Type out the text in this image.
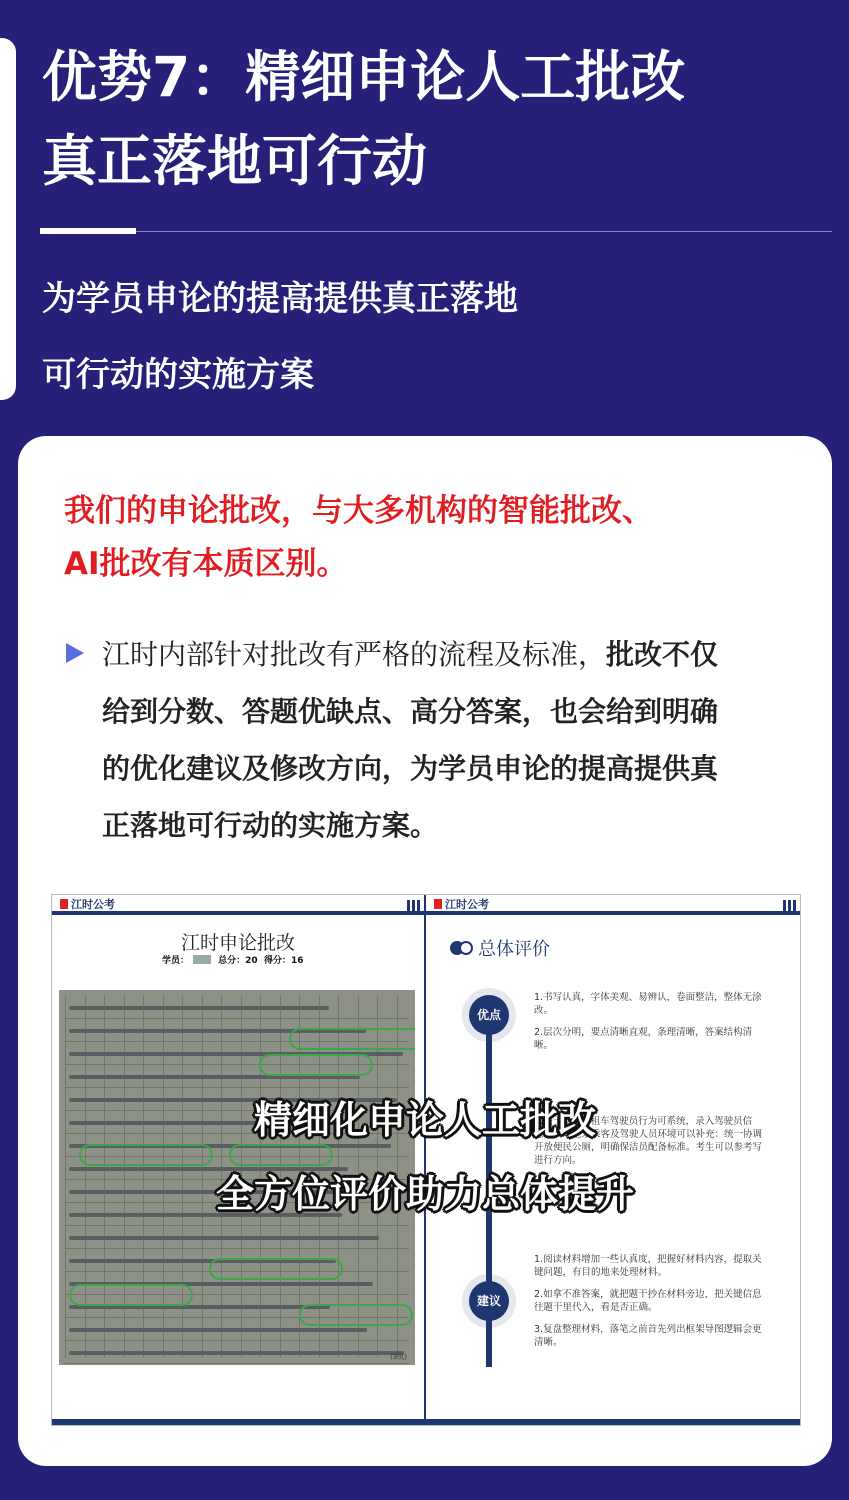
优势7：精细申论人工批改
真正落地可行动
为学员申论的提高提供真正落地
可行动的实施方案
我们的申论批改，与大多机构的智能批改、
AI批改有本质区别。

江时内部针对批改有严格的流程及标准，批改不仅

给到分数、答题优缺点、高分答案，也会给到明确

的优化建议及修改方向，为学员申论的提高提供真

正落地可行动的实施方案。

江时公考
江时申论批改
学员：	总分：20 得分：16
(3页)
江时公考
总体评价
优点

1.书写认真，字体美观、易辨认，卷面整洁，整体无涂改。

2.层次分明，要点清晰直观，条理清晰，答案结构清晰。

4.关于规范出租车驾驶员行为可系统，录入驾驶员信息，实时记录乘客及驾驶人员环境可以补充：统一协调开放便民公厕，明确保洁员配备标准。考生可以参考写进行方向。
建议

1.阅读材料增加一些认真度，把握好材料内容，提取关键问题，有目的地来处理材料。

2.如拿不准答案，就把题干抄在材料旁边，把关键信息往题干里代入，看是否正确。

3.复盘整理材料，落笔之前首先列出框架导图逻辑会更清晰。

精细化申论人工批改
全方位评价助力总体提升
